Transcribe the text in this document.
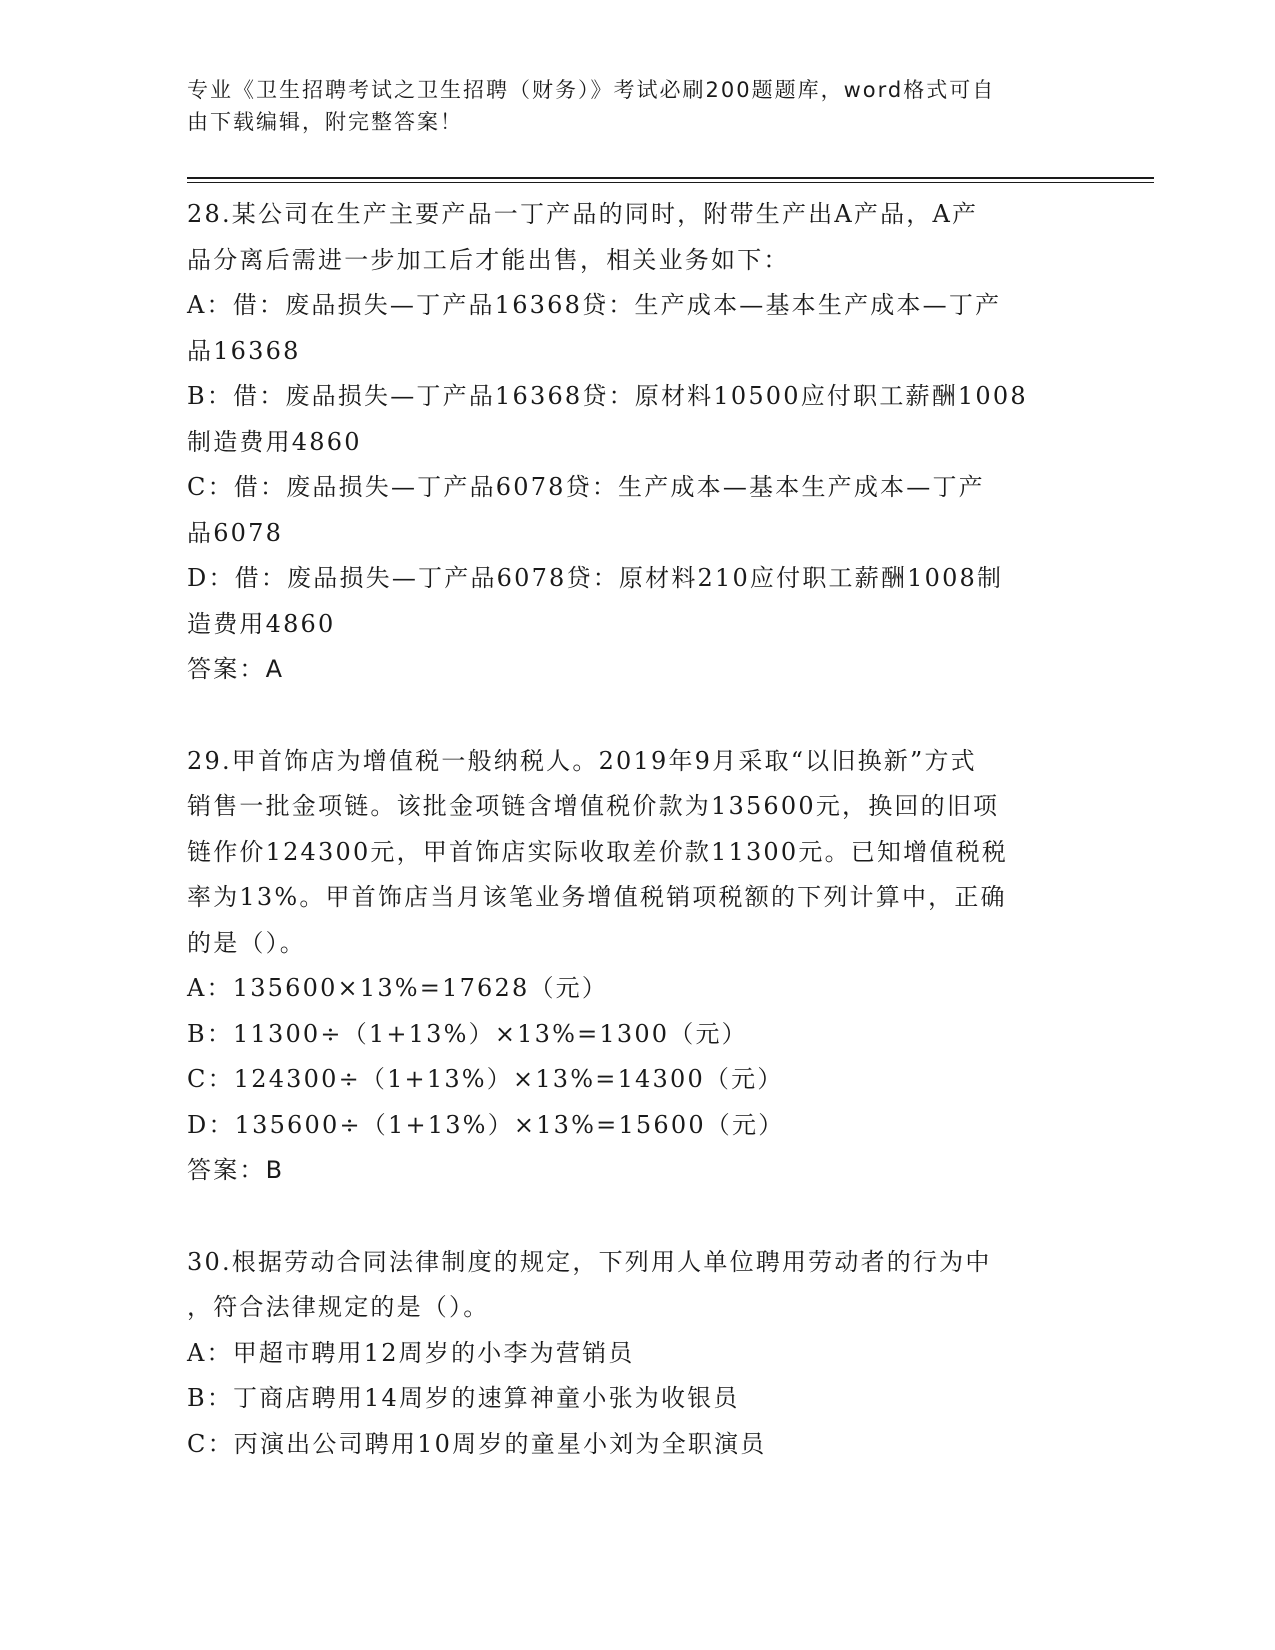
专业《卫生招聘考试之卫生招聘（财务）》考试必刷200题题库，word格式可自
由下载编辑，附完整答案！
28.某公司在生产主要产品一丁产品的同时，附带生产出A产品，A产
品分离后需进一步加工后才能出售，相关业务如下：
A：借：废品损失—丁产品16368贷：生产成本—基本生产成本—丁产
品16368
B：借：废品损失—丁产品16368贷：原材料10500应付职工薪酬1008
制造费用4860
C：借：废品损失—丁产品6078贷：生产成本—基本生产成本—丁产
品6078
D：借：废品损失—丁产品6078贷：原材料210应付职工薪酬1008制
造费用4860
答案：A
29.甲首饰店为增值税一般纳税人。2019年9月采取“以旧换新”方式
销售一批金项链。该批金项链含增值税价款为135600元，换回的旧项
链作价124300元，甲首饰店实际收取差价款11300元。已知增值税税
率为13%。甲首饰店当月该笔业务增值税销项税额的下列计算中，正确
的是（）。
A：135600×13%=17628（元）
B：11300÷（1+13%）×13%=1300（元）
C：124300÷（1+13%）×13%=14300（元）
D：135600÷（1+13%）×13%=15600（元）
答案：B
30.根据劳动合同法律制度的规定，下列用人单位聘用劳动者的行为中
，符合法律规定的是（）。
A：甲超市聘用12周岁的小李为营销员
B：丁商店聘用14周岁的速算神童小张为收银员
C：丙演出公司聘用10周岁的童星小刘为全职演员
